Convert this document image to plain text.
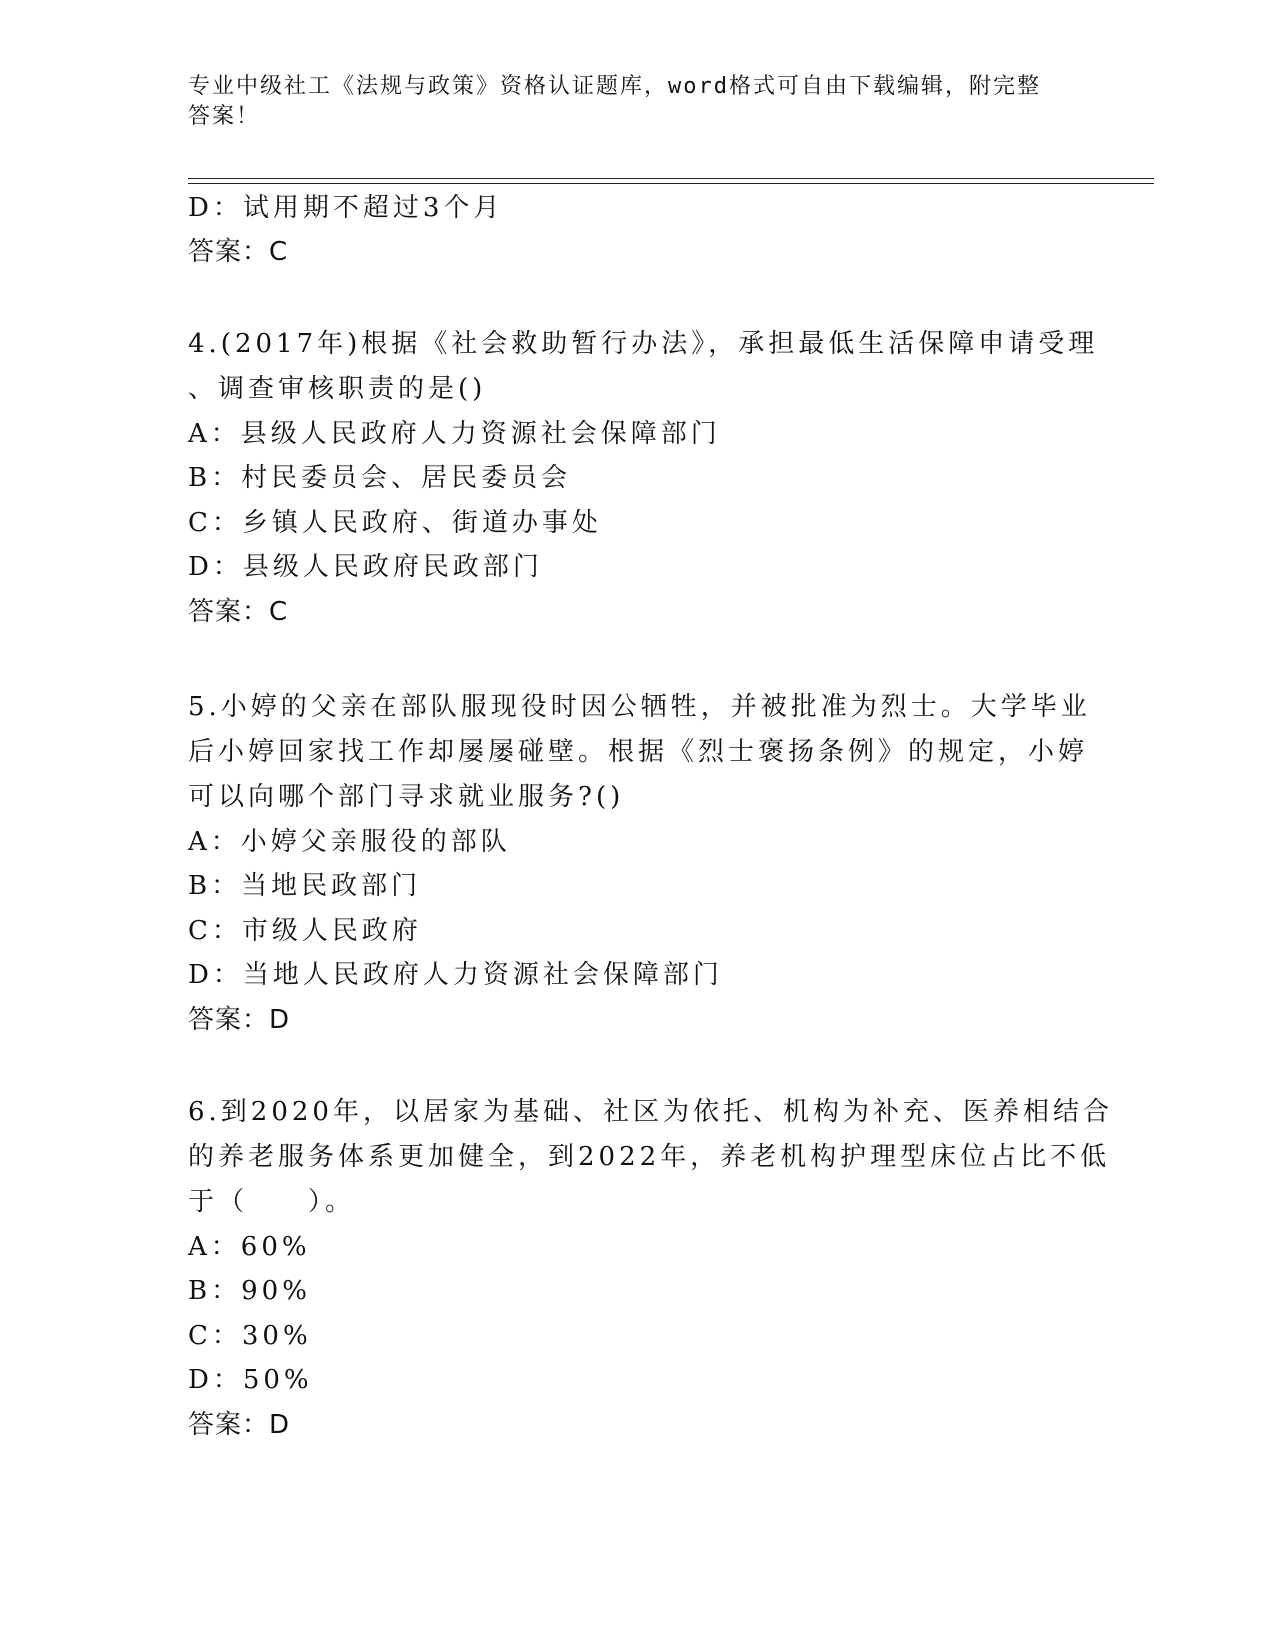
专业中级社工《法规与政策》资格认证题库，word格式可自由下载编辑，附完整
答案！
D：试用期不超过3个月
答案：C
4.(2017年)根据《社会救助暂行办法》，承担最低生活保障申请受理
、调查审核职责的是()
A：县级人民政府人力资源社会保障部门
B：村民委员会、居民委员会
C：乡镇人民政府、街道办事处
D：县级人民政府民政部门
答案：C
5.小婷的父亲在部队服现役时因公牺牲，并被批准为烈士。大学毕业
后小婷回家找工作却屡屡碰壁。根据《烈士褒扬条例》的规定，小婷
可以向哪个部门寻求就业服务?()
A：小婷父亲服役的部队
B：当地民政部门
C：市级人民政府
D：当地人民政府人力资源社会保障部门
答案：D
6.到2020年，以居家为基础、社区为依托、机构为补充、医养相结合
的养老服务体系更加健全，到2022年，养老机构护理型床位占比不低
于（　　）。
A：60%
B：90%
C：30%
D：50%
答案：D
